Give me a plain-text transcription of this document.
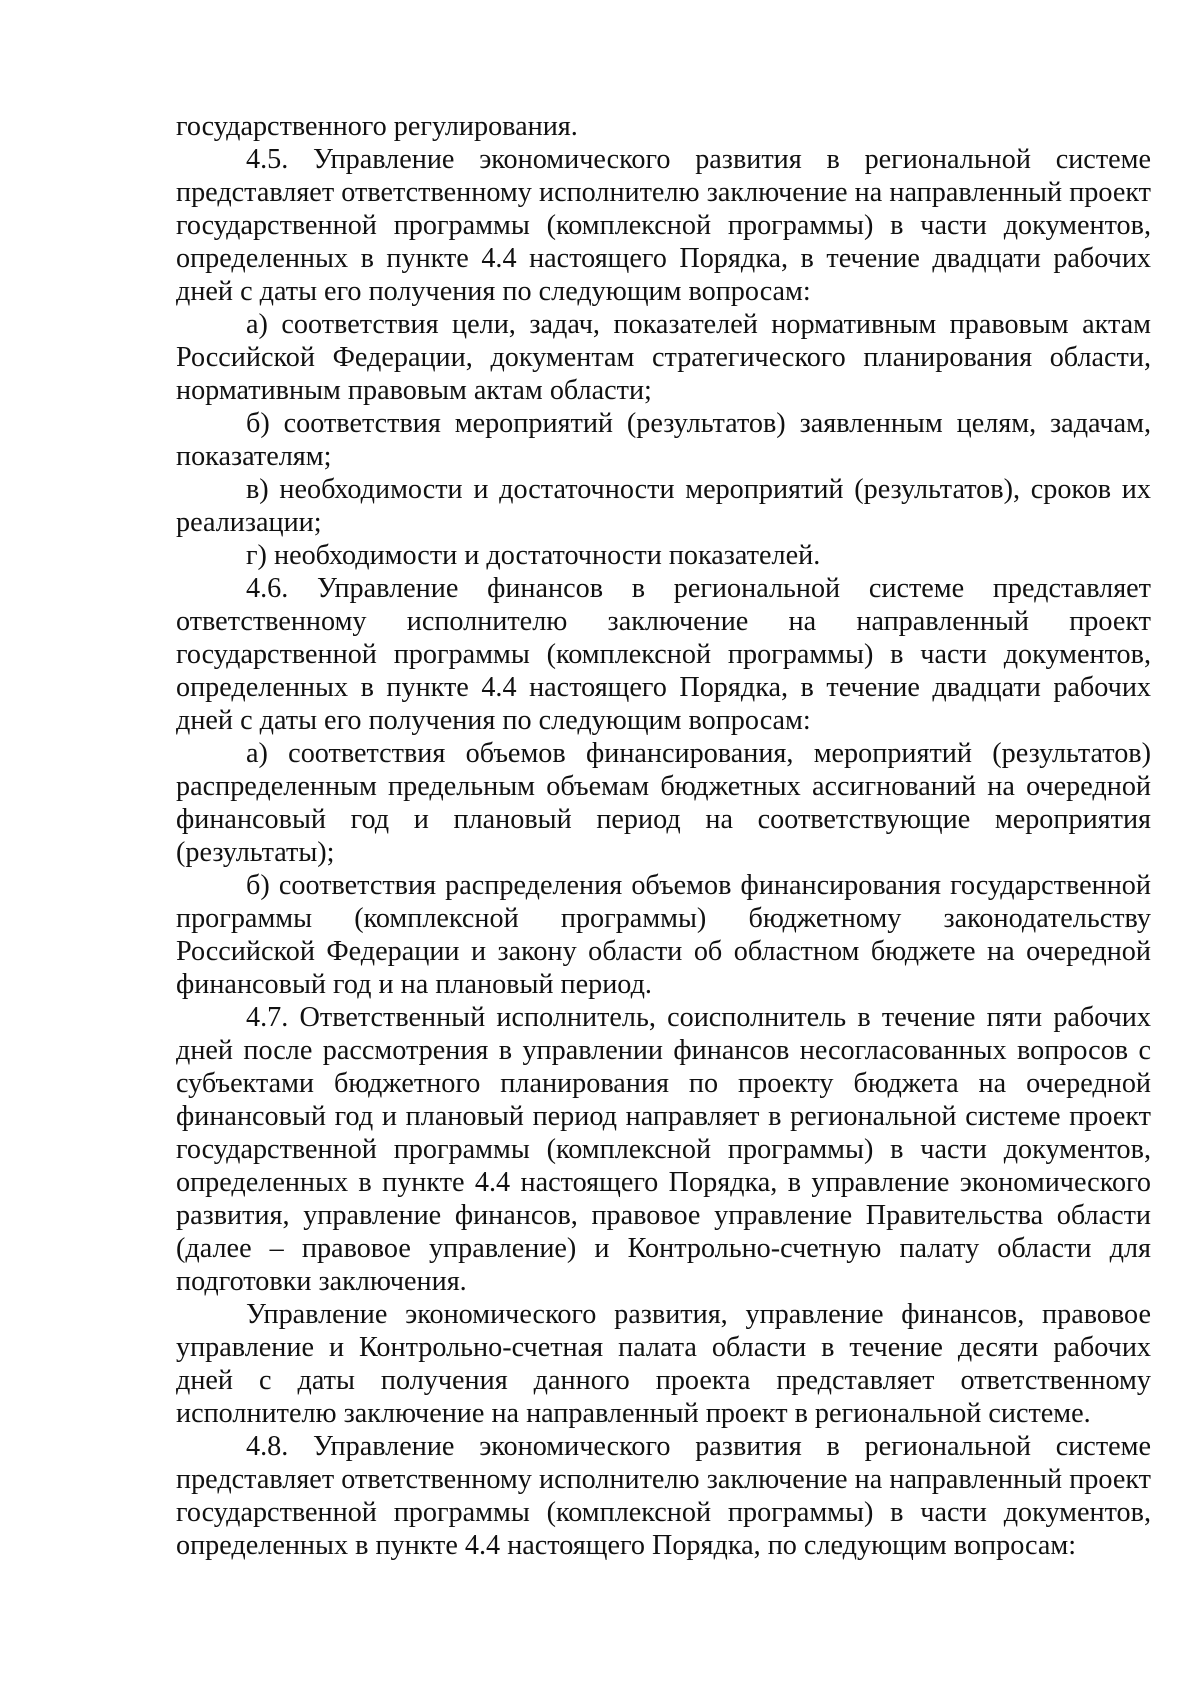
государственного регулирования.

4.5. Управление экономического развития в региональной системе представляет ответственному исполнителю заключение на направленный проект государственной программы (комплексной программы) в части документов, определенных в пункте 4.4 настоящего Порядка, в течение двадцати рабочих дней с даты его получения по следующим вопросам:

а) соответствия цели, задач, показателей нормативным правовым актам Российской Федерации, документам стратегического планирования области, нормативным правовым актам области;

б) соответствия мероприятий (результатов) заявленным целям, задачам, показателям;

в) необходимости и достаточности мероприятий (результатов), сроков их реализации;

г) необходимости и достаточности показателей.

4.6. Управление финансов в региональной системе представляет ответственному исполнителю заключение на направленный проект государственной программы (комплексной программы) в части документов, определенных в пункте 4.4 настоящего Порядка, в течение двадцати рабочих дней с даты его получения по следующим вопросам:

а) соответствия объемов финансирования, мероприятий (результатов) распределенным предельным объемам бюджетных ассигнований на очередной финансовый год и плановый период на соответствующие мероприятия (результаты);

б) соответствия распределения объемов финансирования государственной программы (комплексной программы) бюджетному законодательству Российской Федерации и закону области об областном бюджете на очередной финансовый год и на плановый период.

4.7. Ответственный исполнитель, соисполнитель в течение пяти рабочих дней после рассмотрения в управлении финансов несогласованных вопросов с субъектами бюджетного планирования по проекту бюджета на очередной финансовый год и плановый период направляет в региональной системе проект государственной программы (комплексной программы) в части документов, определенных в пункте 4.4 настоящего Порядка, в управление экономического развития, управление финансов, правовое управление Правительства области (далее – правовое управление) и Контрольно-счетную палату области для подготовки заключения.

Управление экономического развития, управление финансов, правовое управление и Контрольно-счетная палата области в течение десяти рабочих дней с даты получения данного проекта представляет ответственному исполнителю заключение на направленный проект в региональной системе.

4.8. Управление экономического развития в региональной системе представляет ответственному исполнителю заключение на направленный проект государственной программы (комплексной программы) в части документов, определенных в пункте 4.4 настоящего Порядка, по следующим вопросам:
